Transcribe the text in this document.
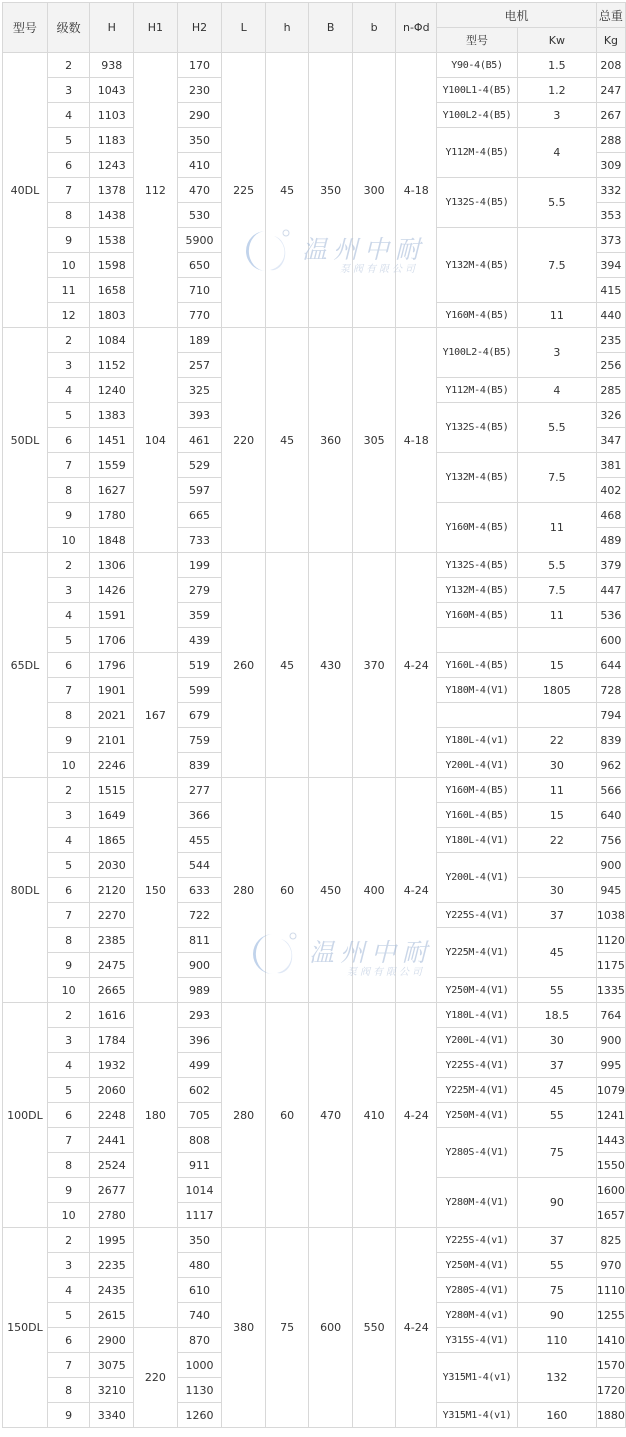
型号	级数	H	H1	H2	L	h	B	b	n-Φd	电机		总重
										型号	Kw	Kg
40DL	2	938	112	170	225	45	350	300	4-18	Y90-4(B5)	1.5	208
	3	1043		230						Y100L1-4(B5)	1.2	247
	4	1103		290						Y100L2-4(B5)	3	267
	5	1183		350						Y112M-4(B5)	4	288
	6	1243		410								309
	7	1378		470						Y132S-4(B5)	5.5	332
	8	1438		530								353
	9	1538		5900						Y132M-4(B5)	7.5	373
	10	1598		650								394
	11	1658		710								415
	12	1803		770						Y160M-4(B5)	11	440
50DL	2	1084	104	189	220	45	360	305	4-18	Y100L2-4(B5)	3	235
	3	1152		257								256
	4	1240		325						Y112M-4(B5)	4	285
	5	1383		393						Y132S-4(B5)	5.5	326
	6	1451		461								347
	7	1559		529						Y132M-4(B5)	7.5	381
	8	1627		597								402
	9	1780		665						Y160M-4(B5)	11	468
	10	1848		733								489
65DL	2	1306		199	260	45	430	370	4-24	Y132S-4(B5)	5.5	379
	3	1426		279						Y132M-4(B5)	7.5	447
	4	1591		359						Y160M-4(B5)	11	536
	5	1706		439								600
	6	1796	167	519						Y160L-4(B5)	15	644
	7	1901		599						Y180M-4(V1)	1805	728
	8	2021		679								794
	9	2101		759						Y180L-4(v1)	22	839
	10	2246		839						Y200L-4(V1)	30	962
80DL	2	1515	150	277	280	60	450	400	4-24	Y160M-4(B5)	11	566
	3	1649		366						Y160L-4(B5)	15	640
	4	1865		455						Y180L-4(V1)	22	756
	5	2030		544						Y200L-4(V1)		900
	6	2120		633							30	945
	7	2270		722						Y225S-4(V1)	37	1038
	8	2385		811						Y225M-4(V1)	45	1120
	9	2475		900								1175
	10	2665		989						Y250M-4(V1)	55	1335
100DL	2	1616	180	293	280	60	470	410	4-24	Y180L-4(V1)	18.5	764
	3	1784		396						Y200L-4(V1)	30	900
	4	1932		499						Y225S-4(V1)	37	995
	5	2060		602						Y225M-4(V1)	45	1079
	6	2248		705						Y250M-4(V1)	55	1241
	7	2441		808						Y280S-4(V1)	75	1443
	8	2524		911								1550
	9	2677		1014						Y280M-4(V1)	90	1600
	10	2780		1117								1657
150DL	2	1995		350	380	75	600	550	4-24	Y225S-4(v1)	37	825
	3	2235		480						Y250M-4(V1)	55	970
	4	2435		610						Y280S-4(V1)	75	1110
	5	2615		740						Y280M-4(v1)	90	1255
	6	2900	220	870						Y315S-4(V1)	110	1410
	7	3075		1000						Y315M1-4(v1)	132	1570
	8	3210		1130								1720
	9	3340		1260						Y315M1-4(v1)	160	1880
温州中耐
泵阀有限公司
温州中耐
泵阀有限公司
